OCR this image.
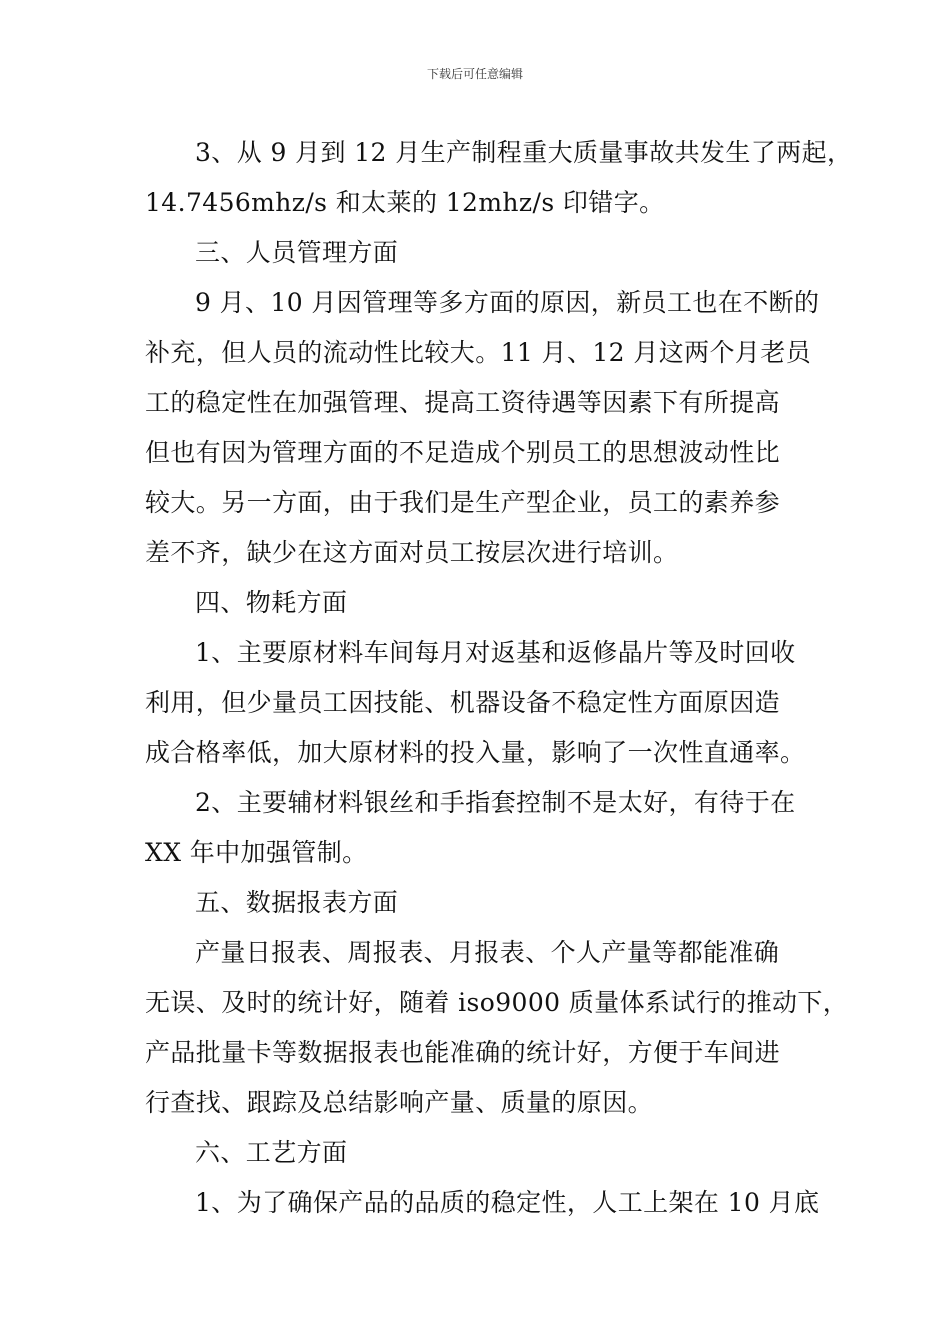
下载后可任意编辑
3、从 9 月到 12 月生产制程重大质量事故共发生了两起，
14.7456mhz/s 和太莱的 12mhz/s 印错字。
三、人员管理方面
9 月、10 月因管理等多方面的原因，新员工也在不断的
补充，但人员的流动性比较大。11 月、12 月这两个月老员
工的稳定性在加强管理、提高工资待遇等因素下有所提高
但也有因为管理方面的不足造成个别员工的思想波动性比
较大。另一方面，由于我们是生产型企业，员工的素养参
差不齐，缺少在这方面对员工按层次进行培训。
四、物耗方面
1、主要原材料车间每月对返基和返修晶片等及时回收
利用，但少量员工因技能、机器设备不稳定性方面原因造
成合格率低，加大原材料的投入量，影响了一次性直通率。
2、主要辅材料银丝和手指套控制不是太好，有待于在
XX 年中加强管制。
五、数据报表方面
产量日报表、周报表、月报表、个人产量等都能准确
无误、及时的统计好，随着 iso9000 质量体系试行的推动下，
产品批量卡等数据报表也能准确的统计好，方便于车间进
行查找、跟踪及总结影响产量、质量的原因。
六、工艺方面
1、为了确保产品的品质的稳定性，人工上架在 10 月底
